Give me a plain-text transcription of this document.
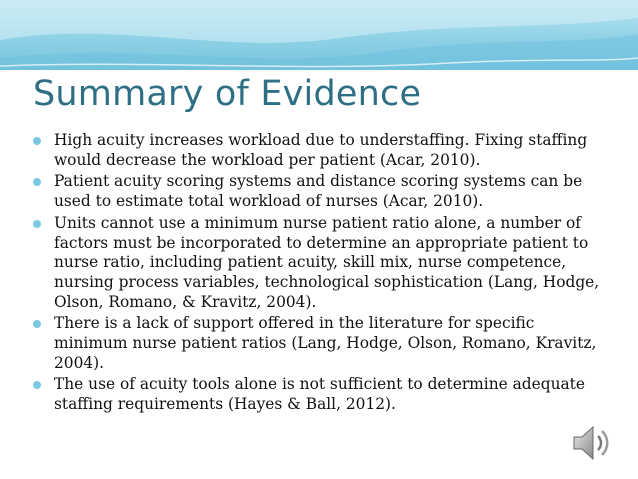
Summary of Evidence
High acuity increases workload due to understaffing. Fixing staffing would decrease the workload per patient (Acar, 2010).
Patient acuity scoring systems and distance scoring systems can be used to estimate total workload of nurses (Acar, 2010).
Units cannot use a minimum nurse patient ratio alone, a number of factors must be incorporated to determine an appropriate patient to nurse ratio, including patient acuity, skill mix, nurse competence, nursing process variables, technological sophistication (Lang, Hodge, Olson, Romano, & Kravitz, 2004).
There is a lack of support offered in the literature for specific minimum nurse patient ratios (Lang, Hodge, Olson, Romano, Kravitz, 2004).
The use of acuity tools alone is not sufficient to determine adequate staffing requirements (Hayes & Ball, 2012).
